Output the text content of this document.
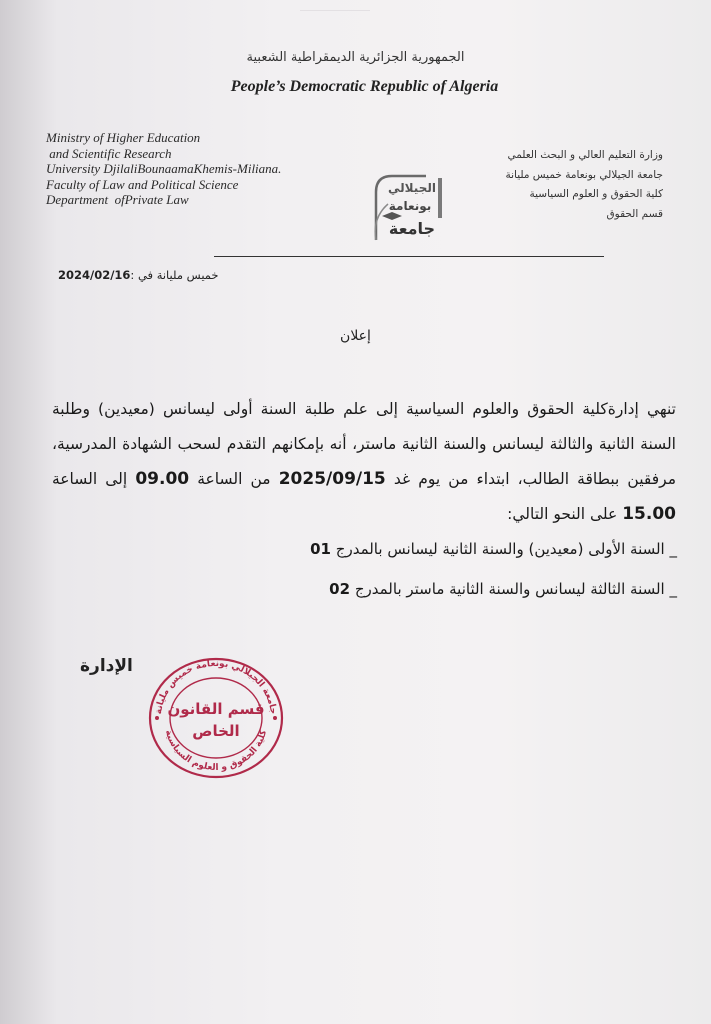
الجمهورية الجزائرية الديمقراطية الشعبية
People’s Democratic Republic of Algeria
Ministry of Higher Education
and Scientific Research
University DjilaliBounaamaKhemis-Miliana.
Faculty of Law and Political Science
Department  ofPrivate Law
وزارة التعليم العالي و البحث العلمي
جامعة الجيلالي بونعامة خميس مليانة
كلية الحقوق و العلوم السياسية
قسم الحقوق
الجيلالي
بونعامة
جامعة
خميس مليانة في :2024/02/16
إعلان
تنهي إدارةكلية الحقوق والعلوم السياسية إلى علم طلبة السنة أولى ليسانس (معيدين) وطلبة السنة الثانية والثالثة ليسانس والسنة الثانية ماستر، أنه بإمكانهم التقدم لسحب الشهادة المدرسية، مرفقين ببطاقة الطالب، ابتداء من يوم غد 2025/09/15 من الساعة 09.00 إلى الساعة 15.00 على النحو التالي:
_ السنة الأولى (معيدين) والسنة الثانية ليسانس بالمدرج 01
_ السنة الثالثة ليسانس والسنة الثانية ماستر بالمدرج 02
الإدارة
جامعة الجيلالي بونعامة خميس مليانة
كلية الحقوق و العلوم السياسية
قسم القانون
الخاص
